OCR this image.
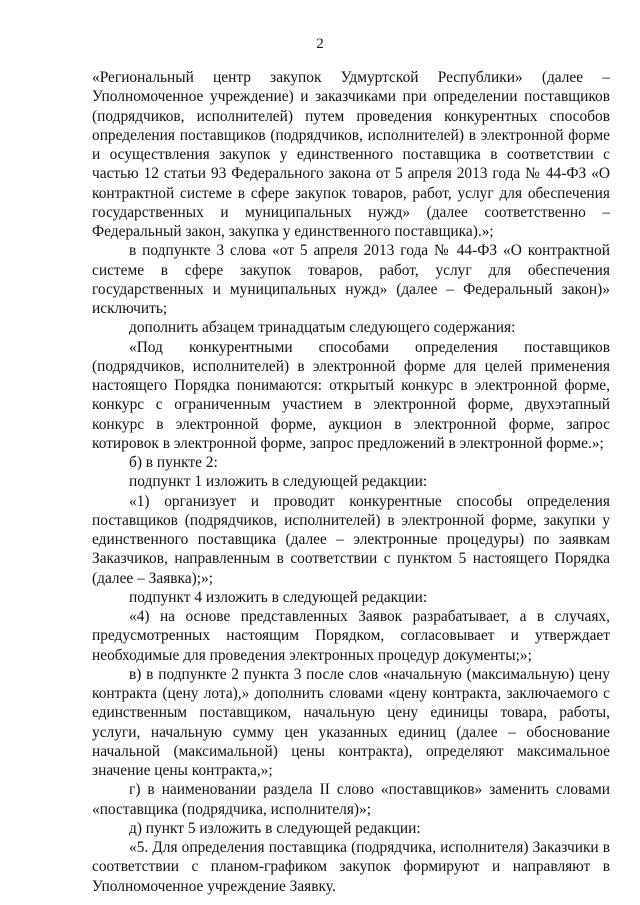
2

«Региональный центр закупок Удмуртской Республики» (далее – Уполномоченное учреждение) и заказчиками при определении поставщиков (подрядчиков, исполнителей) путем проведения конкурентных способов определения поставщиков (подрядчиков, исполнителей) в электронной форме и осуществления закупок у единственного поставщика в соответствии с частью 12 статьи 93 Федерального закона от 5 апреля 2013 года № 44-ФЗ «О контрактной системе в сфере закупок товаров, работ, услуг для обеспечения государственных и муниципальных нужд» (далее соответственно – Федеральный закон, закупка у единственного поставщика).»;

в подпункте 3 слова «от 5 апреля 2013 года № 44-ФЗ «О контрактной системе в сфере закупок товаров, работ, услуг для обеспечения государственных и муниципальных нужд» (далее – Федеральный закон)» исключить;

дополнить абзацем тринадцатым следующего содержания:

«Под конкурентными способами определения поставщиков (подрядчиков, исполнителей) в электронной форме для целей применения настоящего Порядка понимаются: открытый конкурс в электронной форме, конкурс с ограниченным участием в электронной форме, двухэтапный конкурс в электронной форме, аукцион в электронной форме, запрос котировок в электронной форме, запрос предложений в электронной форме.»;

б) в пункте 2:

подпункт 1 изложить в следующей редакции:

«1) организует и проводит конкурентные способы определения поставщиков (подрядчиков, исполнителей) в электронной форме, закупки у единственного поставщика (далее – электронные процедуры) по заявкам Заказчиков, направленным в соответствии с пунктом 5 настоящего Порядка (далее – Заявка);»;

подпункт 4 изложить в следующей редакции:

«4) на основе представленных Заявок разрабатывает, а в случаях, предусмотренных настоящим Порядком, согласовывает и утверждает необходимые для проведения электронных процедур документы;»;

в) в подпункте 2 пункта 3 после слов «начальную (максимальную) цену контракта (цену лота),» дополнить словами «цену контракта, заключаемого с единственным поставщиком, начальную цену единицы товара, работы, услуги, начальную сумму цен указанных единиц (далее – обоснование начальной (максимальной) цены контракта), определяют максимальное значение цены контракта,»;

г) в наименовании раздела II слово «поставщиков» заменить словами «поставщика (подрядчика, исполнителя)»;

д) пункт 5 изложить в следующей редакции:

«5. Для определения поставщика (подрядчика, исполнителя) Заказчики в соответствии с планом-графиком закупок формируют и направляют в Уполномоченное учреждение Заявку.
